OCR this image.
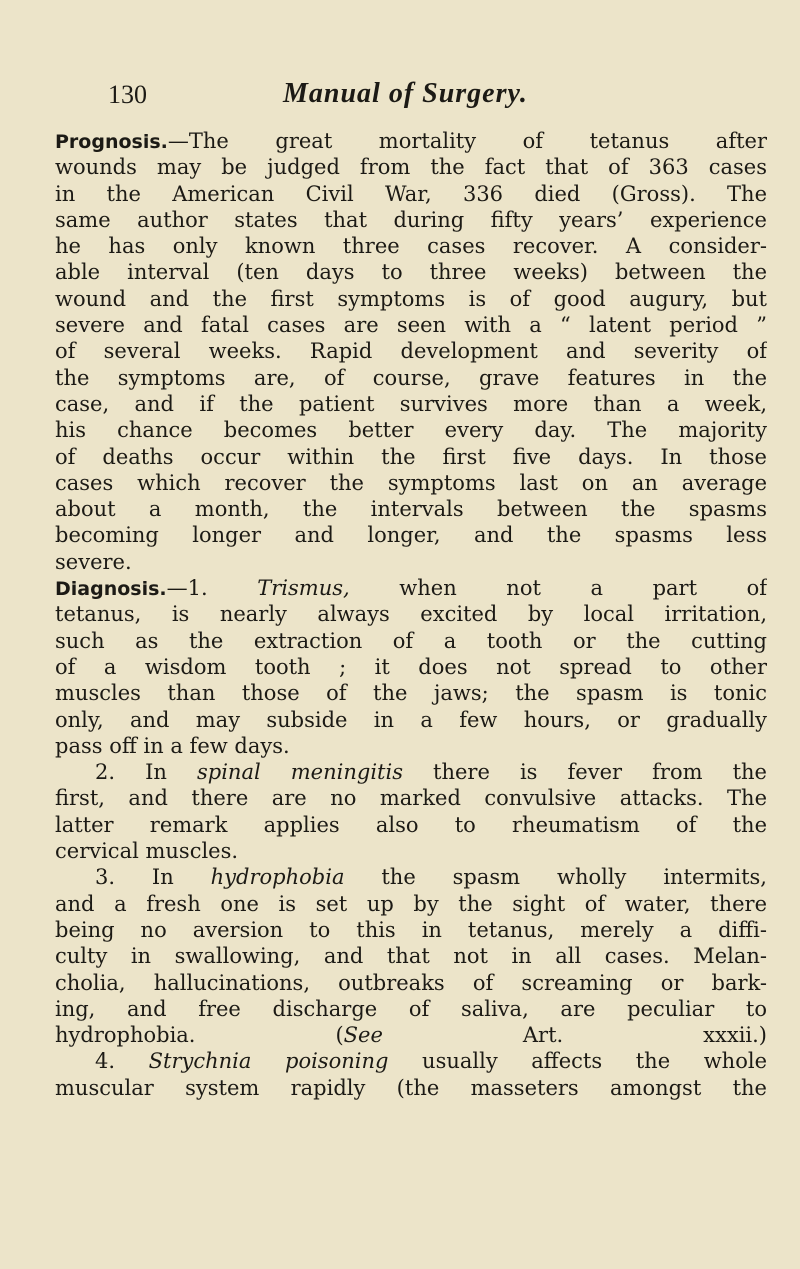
130	Manual of Surgery.
Prognosis.—The great mortality of tetanus after
wounds may be judged from the fact that of 363 cases
in the American Civil War, 336 died (Gross). The
same author states that during fifty years’ experience
he has only known three cases recover. A consider-
able interval (ten days to three weeks) between the
wound and the first symptoms is of good augury, but
severe and fatal cases are seen with a “ latent period ”
of several weeks. Rapid development and severity of
the symptoms are, of course, grave features in the
case, and if the patient survives more than a week,
his chance becomes better every day. The majority
of deaths occur within the first five days. In those
cases which recover the symptoms last on an average
about a month, the intervals between the spasms
becoming longer and longer, and the spasms less
severe.
Diagnosis.—1. Trismus, when not a part of
tetanus, is nearly always excited by local irritation,
such as the extraction of a tooth or the cutting
of a wisdom tooth ; it does not spread to other
muscles than those of the jaws; the spasm is tonic
only, and may subside in a few hours, or gradually
pass off in a few days.
2. In spinal meningitis there is fever from the
first, and there are no marked convulsive attacks. The
latter remark applies also to rheumatism of the
cervical muscles.
3. In hydrophobia the spasm wholly intermits,
and a fresh one is set up by the sight of water, there
being no aversion to this in tetanus, merely a diffi-
culty in swallowing, and that not in all cases. Melan-
cholia, hallucinations, outbreaks of screaming or bark-
ing, and free discharge of saliva, are peculiar to
hydrophobia. (See Art. xxxii.)
4. Strychnia poisoning usually affects the whole
muscular system rapidly (the masseters amongst the
